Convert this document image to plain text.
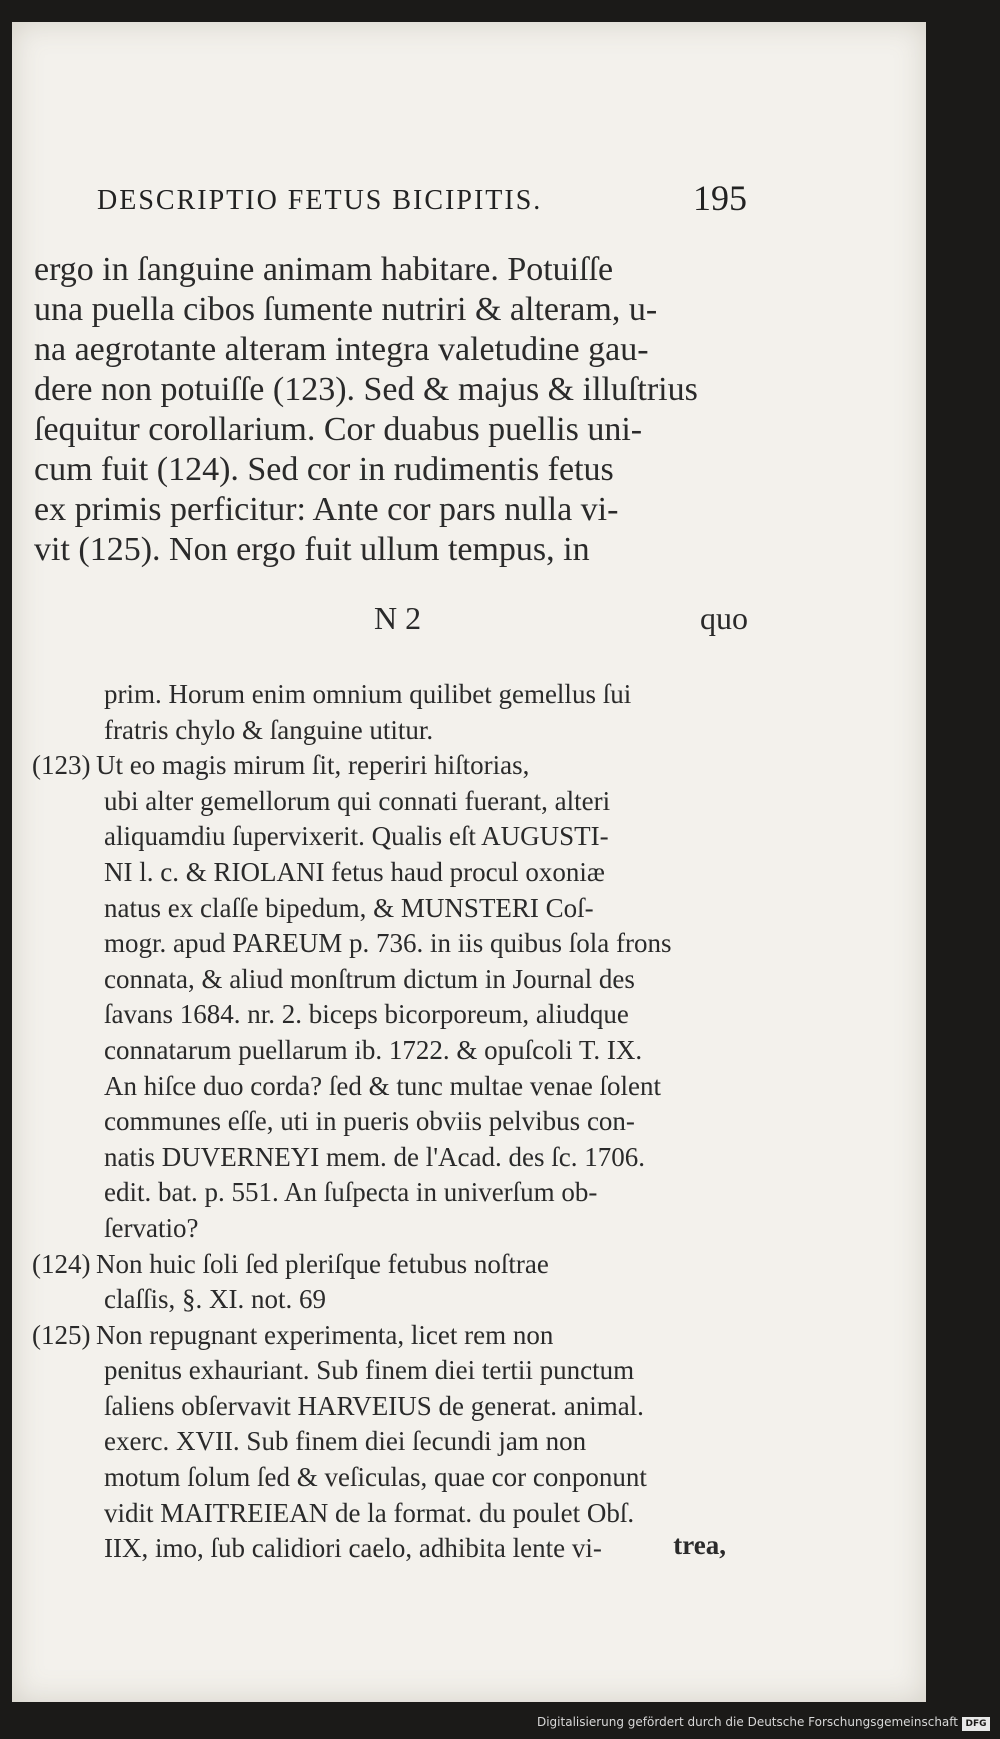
DESCRIPTIO FETUS BICIPITIS.	195
ergo in ſanguine animam habitare. Potuiſſe
una puella cibos ſumente nutriri & alteram, u-
na aegrotante alteram integra valetudine gau-
dere non potuiſſe (123). Sed & majus & illuſtrius
ſequitur corollarium. Cor duabus puellis uni-
cum fuit (124). Sed cor in rudimentis fetus
ex primis perficitur: Ante cor pars nulla vi-
vit (125). Non ergo fuit ullum tempus, in
N 2	quo
prim. Horum enim omnium quilibet gemellus ſui
fratris chylo & ſanguine utitur.
(123) Ut eo magis mirum ſit, reperiri hiſtorias,
ubi alter gemellorum qui connati fuerant, alteri
aliquamdiu ſupervixerit. Qualis eſt AUGUSTI-
NI l. c. & RIOLANI fetus haud procul oxoniæ
natus ex claſſe bipedum, & MUNSTERI Coſ-
mogr. apud PAREUM p. 736. in iis quibus ſola frons
connata, & aliud monſtrum dictum in Journal des
ſavans 1684. nr. 2. biceps bicorporeum, aliudque
connatarum puellarum ib. 1722. & opuſcoli T. IX.
An hiſce duo corda? ſed & tunc multae venae ſolent
communes eſſe, uti in pueris obviis pelvibus con-
natis DUVERNEYI mem. de l'Acad. des ſc. 1706.
edit. bat. p. 551. An ſuſpecta in univerſum ob-
ſervatio?
(124) Non huic ſoli ſed pleriſque fetubus noſtrae
claſſis, §. XI. not. 69
(125) Non repugnant experimenta, licet rem non
penitus exhauriant. Sub finem diei tertii punctum
ſaliens obſervavit HARVEIUS de generat. animal.
exerc. XVII. Sub finem diei ſecundi jam non
motum ſolum ſed & veſiculas, quae cor conponunt
vidit MAITREIEAN de la format. du poulet Obſ.
IIX, imo, ſub calidiori caelo, adhibita lente vi-	trea,
Digitalisierung gefördert durch die Deutsche Forschungsgemeinschaft DFG
